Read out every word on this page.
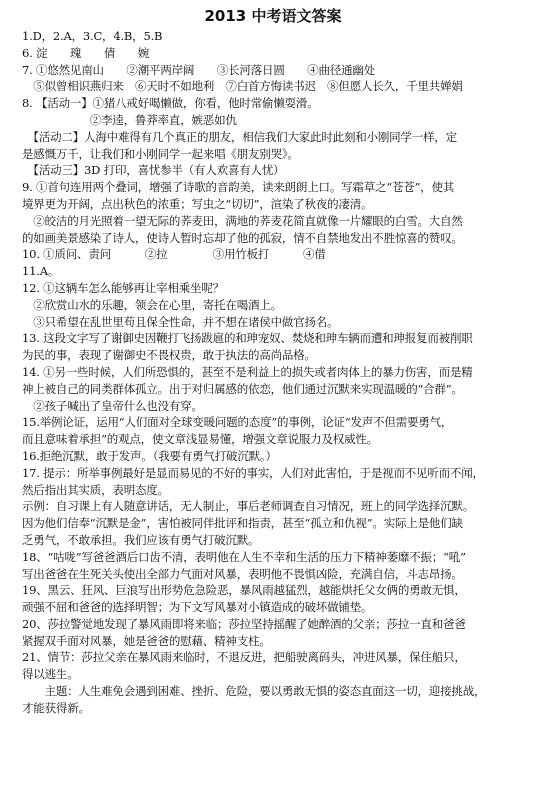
2013 中考语文答案
1.D，2.A，3.C，4.B，5.B
6. 淀　　瑰　　倩　　婉
7. ①悠然见南山　　②潮平两岸阔　　③长河落日圆　　④曲径通幽处
　⑤似曾相识燕归来　⑥天时不如地利　⑦白首方悔读书迟　⑧但愿人长久，千里共婵娟
8. 【活动一】①猪八戒好喝懒做，你看，他时常偷懒耍滑。
　　　　　　②李逵，鲁莽率直，嫉恶如仇
　【活动二】人海中难得有几个真正的朋友，相信我们大家此时此刻和小刚同学一样，定
是感慨万千，让我们和小刚同学一起来唱《朋友别哭》。
　【活动三】3D 打印，喜忧参半（有人欢喜有人忧）
9. ①首句连用两个叠词，增强了诗歌的音韵美，读来朗朗上口。写霜草之“苍苍”，使其
境界更为开阔，点出秋色的浓重；写虫之“切切”，渲染了秋夜的凄清。
　②皎洁的月光照着一望无际的荞麦田，满地的荞麦花简直就像一片耀眼的白雪。大自然
的如画美景感染了诗人，使诗人暂时忘却了他的孤寂，情不自禁地发出不胜惊喜的赞叹。
10. ①质问、责问　　　②拉　　　　③用竹板打　　　④借
11.A。
12. ①这辆车怎么能够再让宰相乘坐呢？
　②欣赏山水的乐趣，领会在心里，寄托在喝酒上。
　③只希望在乱世里苟且保全性命，并不想在诸侯中做官扬名。
13. 这段文字写了谢御史因鞭打飞扬跋扈的和珅宠奴、焚烧和珅车辆而遭和珅报复而被削职
为民的事，表现了谢御史不畏权贵，敢于执法的高尚品格。
14. ①另一些时候，人们所恐惧的，甚至不是利益上的损失或者肉体上的暴力伤害，而是精
神上被自己的同类群体孤立。出于对归属感的依恋，他们通过沉默来实现温暖的“合群”。
　②孩子喊出了皇帝什么也没有穿。
15.举例论证，运用“人们面对全球变暖问题的态度”的事例，论证“发声不但需要勇气，
而且意味着承担”的观点，使文章浅显易懂，增强文章说服力及权威性。
16.拒绝沉默，敢于发声。（我要有勇气打破沉默。）
17. 提示：所举事例最好是显而易见的不好的事实，人们对此害怕，于是视而不见听而不闻，
然后指出其实质，表明态度。
示例：自习课上有人随意讲话，无人制止，事后老师调查自习情况，班上的同学选择沉默。
因为他们信奉“沉默是金”，害怕被同伴批评和指责，甚至“孤立和仇视”。实际上是他们缺
乏勇气，不敢承担。我们应该有勇气打破沉默。
18、“咕咙”写爸爸酒后口齿不清，表明他在人生不幸和生活的压力下精神萎靡不振；“吼”
写出爸爸在生死关头使出全部力气面对风暴，表明他不畏惧凶险，充满自信，斗志昂扬。
19、黑云、狂风、巨浪写出形势危急险恶，暴风雨越猛烈，越能烘托父女俩的勇敢无惧，
顽强不屈和爸爸的选择明智；为下文写风暴对小镇造成的破坏做铺垫。
20、莎拉警觉地发现了暴风雨即将来临；莎拉坚持摇醒了她醉酒的父亲；莎拉一直和爸爸
紧握双手面对风暴，她是爸爸的慰藉、精神支柱。
21、情节：莎拉父亲在暴风雨来临时，不退反进，把船驶离码头，冲进风暴，保住船只，
得以逃生。
　　主题：人生难免会遇到困难、挫折、危险，要以勇敢无惧的姿态直面这一切，迎接挑战，
才能获得新。
